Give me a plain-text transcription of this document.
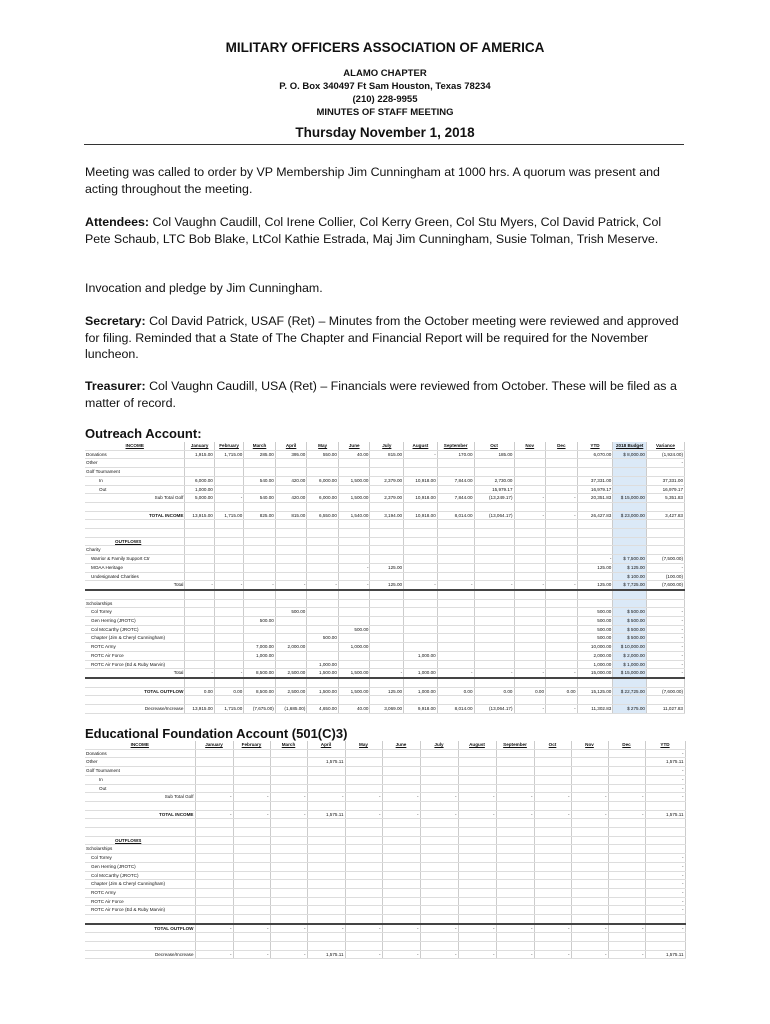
MILITARY OFFICERS ASSOCIATION OF AMERICA
ALAMO CHAPTER
P. O. Box 340497 Ft Sam Houston, Texas 78234
(210) 228-9955
MINUTES OF STAFF MEETING
Thursday November 1, 2018
Meeting was called to order by VP Membership Jim Cunningham at 1000 hrs. A quorum was present and acting throughout the meeting.
Attendees: Col Vaughn Caudill, Col Irene Collier, Col Kerry Green, Col Stu Myers, Col David Patrick, Col Pete Schaub, LTC Bob Blake, LtCol Kathie Estrada, Maj Jim Cunningham, Susie Tolman, Trish Meserve.
Invocation and pledge by Jim Cunningham.
Secretary: Col David Patrick, USAF (Ret) – Minutes from the October meeting were reviewed and approved for filing. Reminded that a State of The Chapter and Financial Report will be required for the November luncheon.
Treasurer: Col Vaughn Caudill, USA (Ret) – Financials were reviewed from October. These will be filed as a matter of record.
Outreach Account:
INCOME	January	February	March	April	May	June	July	August	September	Oct	Nov	Dec	YTD	2018 Budget	Variance
Donations	1,915.00	1,715.00	285.00	395.00	550.00	40.00	815.00	-	170.00	185.00			6,070.00	$ 8,000.00	(1,924.00)
Other															-
Golf Tournament															
In	6,000.00		540.00	420.00	6,000.00	1,500.00	2,379.00	10,918.00	7,844.00	2,730.00			37,331.00		37,331.00
Out	1,000.00									15,979.17			16,979.17		16,979.17
Sub Total Golf	5,000.00	-	540.00	420.00	6,000.00	1,500.00	2,379.00	10,918.00	7,844.00	(13,249.17)	-	-	20,351.83	$ 15,000.00	5,351.83

TOTAL INCOME	13,915.00	1,715.00	825.00	815.00	6,550.00	1,540.00	3,194.00	10,918.00	8,014.00	(13,064.17)	-	-	26,427.83	$ 23,000.00	3,427.83

OUTFLOWS															
Charity															
Warrior & Family Support Ctr													-	$ 7,500.00	(7,500.00)
MOAA Heritage						-	125.00						125.00	$ 125.00	-
Undesignated Charities														$ 100.00	(100.00)
Total	-	-	-	-	-	-	125.00	-	-	-	-	-	125.00	$ 7,725.00	(7,600.00)

Scholarships															
Col Torrey				500.00									500.00	$ 500.00	-
Gen Herring (JROTC)			500.00										500.00	$ 500.00	-
Col McCarthy (JROTC)						500.00							500.00	$ 500.00	-
Chapter (Jim & Cheryl Cunningham)					500.00								500.00	$ 500.00	-
ROTC Army			7,000.00	2,000.00		1,000.00							10,000.00	$ 10,000.00	-
ROTC Air Force			1,000.00					1,000.00					2,000.00	$ 2,000.00	-
ROTC Air Force (Ed & Ruby Marvin)					1,000.00								1,000.00	$ 1,000.00	-
Total	-	-	8,500.00	2,500.00	1,500.00	1,500.00	-	1,000.00	-	-	-	-	15,000.00	$ 15,000.00	-

TOTAL OUTFLOW	0.00	0.00	8,500.00	2,500.00	1,500.00	1,500.00	125.00	1,000.00	0.00	0.00	0.00	0.00	15,125.00	$ 22,725.00	(7,600.00)

Decrease/Increase	13,915.00	1,715.00	(7,675.00)	(1,685.00)	4,650.00	40.00	3,069.00	9,918.00	8,014.00	(13,064.17)	-	-	11,302.83	$ 275.00	11,027.83
Educational Foundation Account (501(C)3)
INCOME	January	February	March	April	May	June	July	August	September	Oct	Nov	Dec	YTD
Donations													-
Other				1,575.11									1,575.11
Golf Tournament													-
In													-
Out													-
Sub Total Golf	-	-	-	-	-	-	-	-	-	-	-	-	-

TOTAL INCOME	-	-	-	1,575.11	-	-	-	-	-	-	-	-	1,575.11

OUTFLOWS													
Scholarships													
Col Torrey													-
Gen Herring (JROTC)													-
Col McCarthy (JROTC)													-
Chapter (Jim & Cheryl Cunningham)													-
ROTC Army													-
ROTC Air Force													-
ROTC Air Force (Ed & Ruby Marvin)													-

TOTAL OUTFLOW	-	-	-	-	-	-	-	-	-	-	-	-	-

Decrease/Increase	-	-	-	1,575.11	-	-	-	-	-	-	-	-	1,575.11
